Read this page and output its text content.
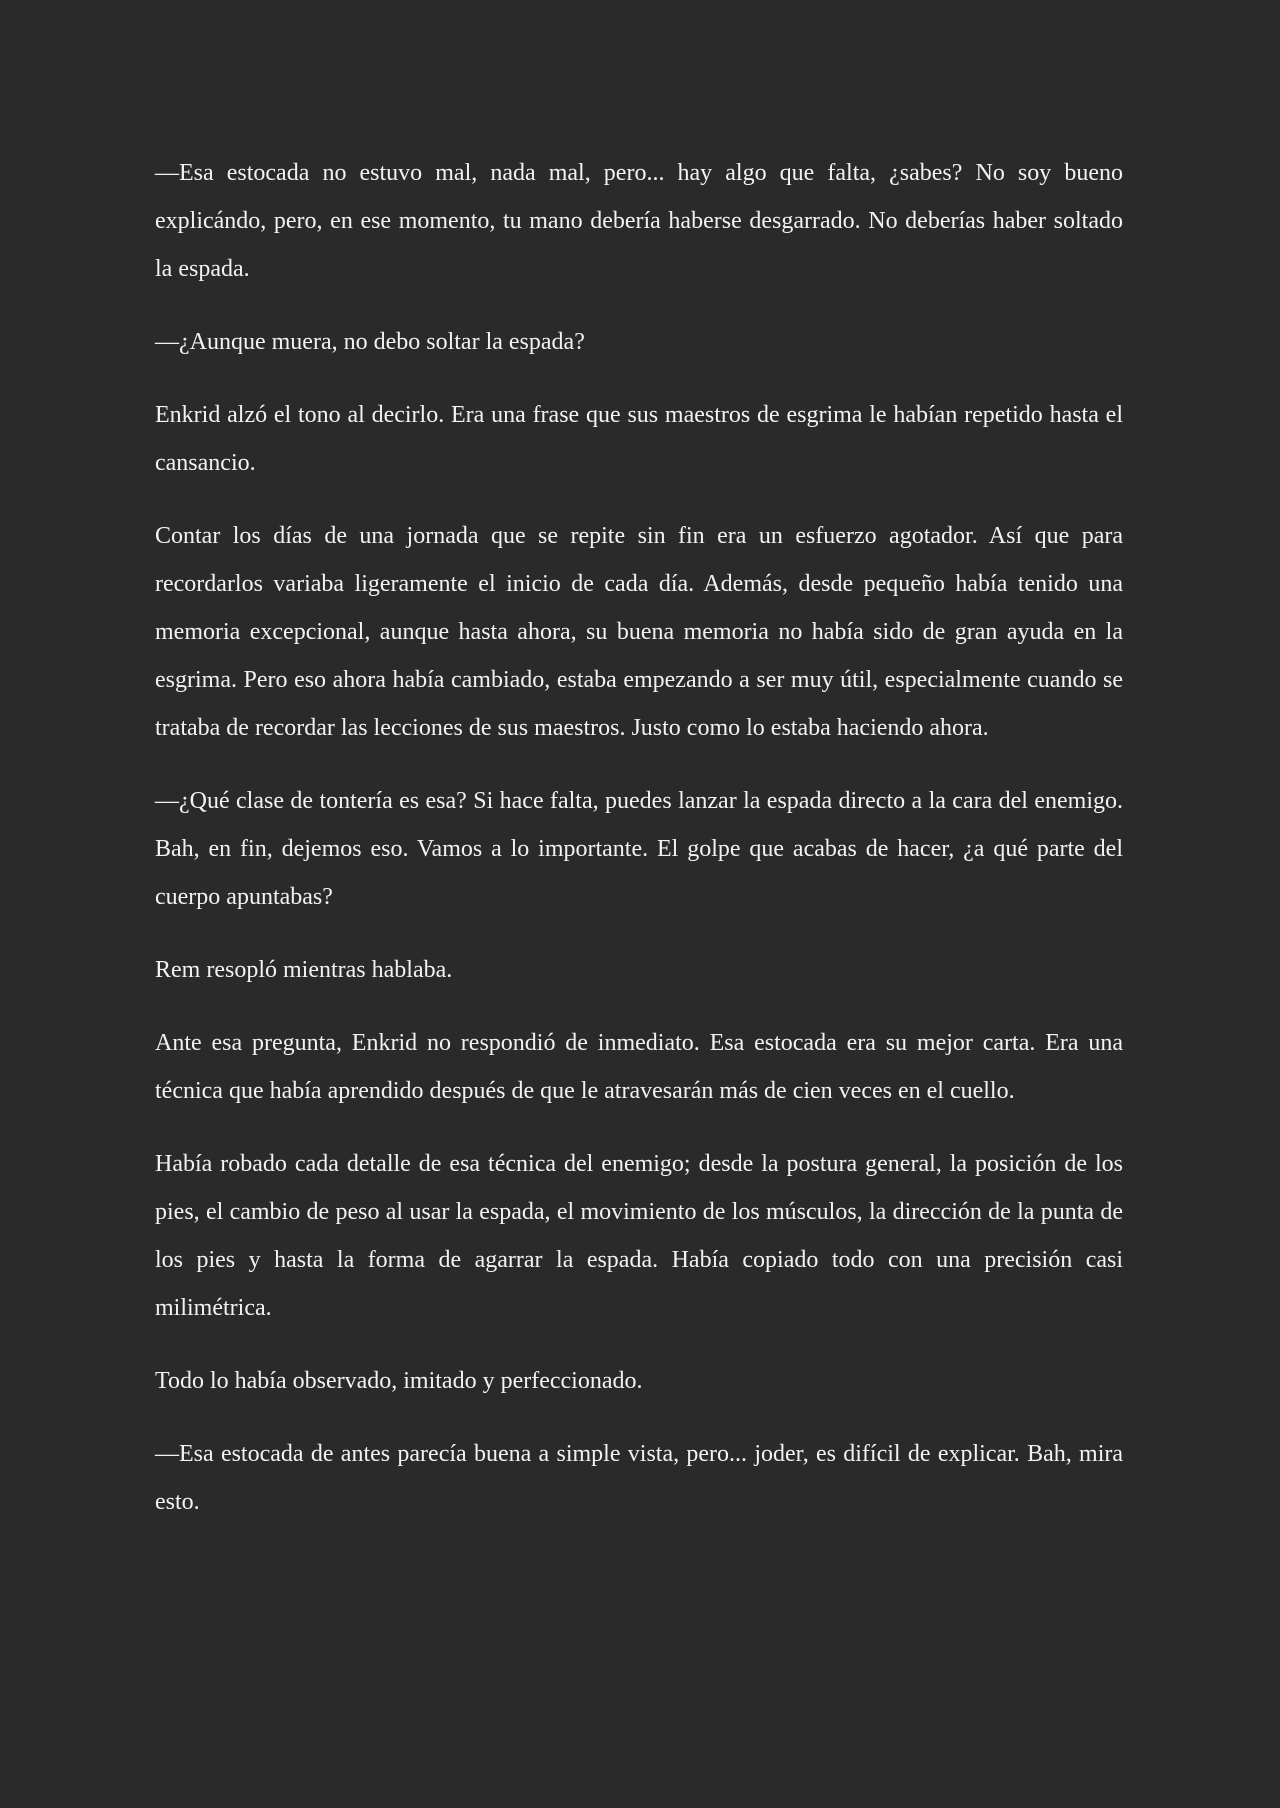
—Esa estocada no estuvo mal, nada mal, pero... hay algo que falta, ¿sabes? No soy bueno explicándo, pero, en ese momento, tu mano debería haberse desgarrado. No deberías haber soltado la espada.

—¿Aunque muera, no debo soltar la espada?

Enkrid alzó el tono al decirlo. Era una frase que sus maestros de esgrima le habían repetido hasta el cansancio.

Contar los días de una jornada que se repite sin fin era un esfuerzo agotador. Así que para recordarlos variaba ligeramente el inicio de cada día. Además, desde pequeño había tenido una memoria excepcional, aunque hasta ahora, su buena memoria no había sido de gran ayuda en la esgrima. Pero eso ahora había cambiado, estaba empezando a ser muy útil, especialmente cuando se trataba de recordar las lecciones de sus maestros. Justo como lo estaba haciendo ahora.

—¿Qué clase de tontería es esa? Si hace falta, puedes lanzar la espada directo a la cara del enemigo. Bah, en fin, dejemos eso. Vamos a lo importante. El golpe que acabas de hacer, ¿a qué parte del cuerpo apuntabas?

Rem resopló mientras hablaba.

Ante esa pregunta, Enkrid no respondió de inmediato. Esa estocada era su mejor carta. Era una técnica que había aprendido después de que le atravesarán más de cien veces en el cuello.

Había robado cada detalle de esa técnica del enemigo; desde la postura general, la posición de los pies, el cambio de peso al usar la espada, el movimiento de los músculos, la dirección de la punta de los pies y hasta la forma de agarrar la espada. Había copiado todo con una precisión casi milimétrica.

Todo lo había observado, imitado y perfeccionado.

—Esa estocada de antes parecía buena a simple vista, pero... joder, es difícil de explicar. Bah, mira esto.
